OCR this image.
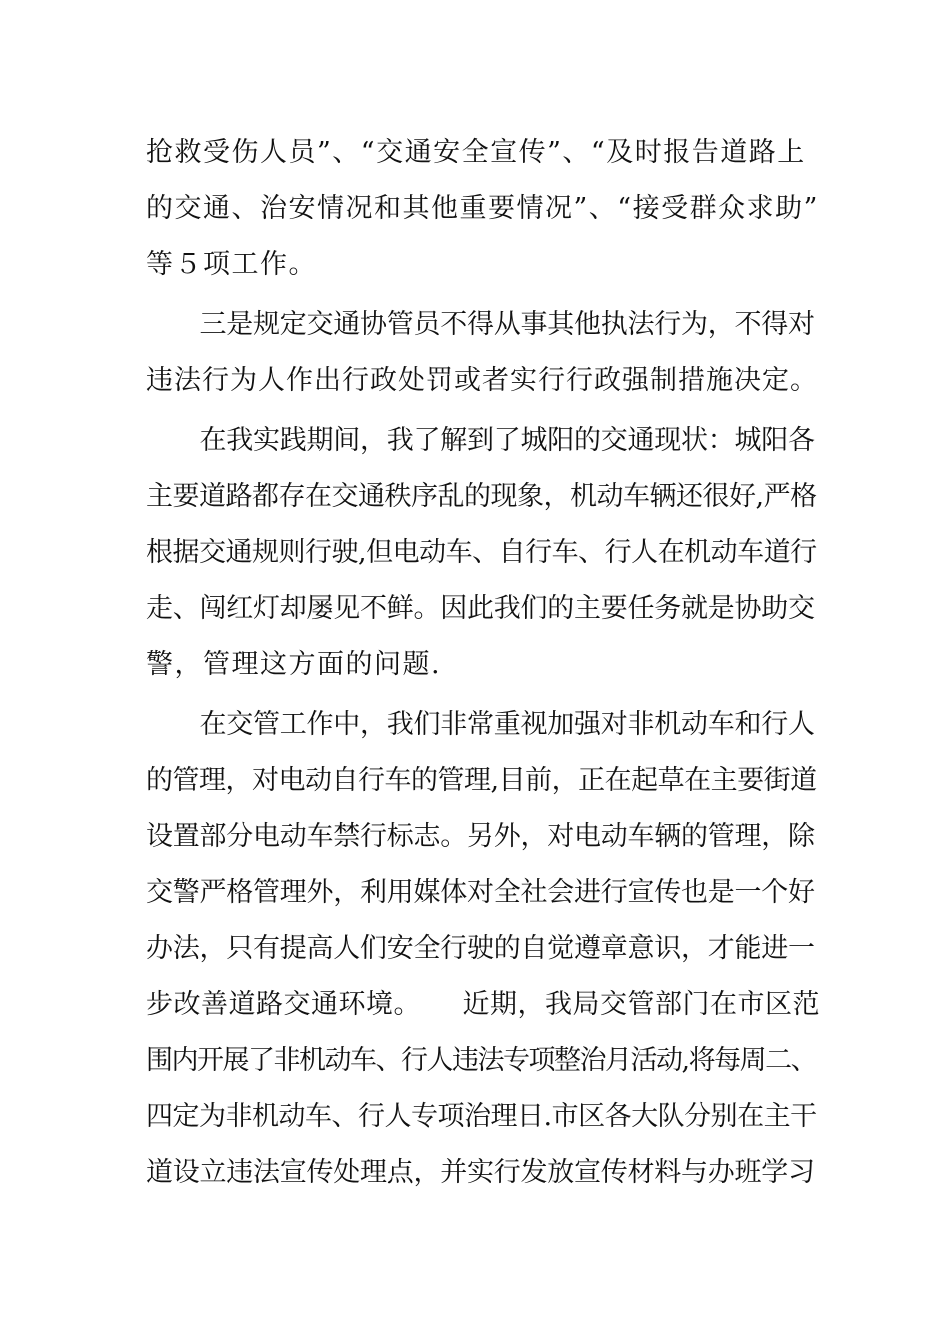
抢救受伤人员”、“交通安全宣传”、“及时报告道路上
的交通、治安情况和其他重要情况”、“接受群众求助”
等５项工作。
　　三是规定交通协管员不得从事其他执法行为，不得对
违法行为人作出行政处罚或者实行行政强制措施决定。
　　在我实践期间，我了解到了城阳的交通现状：城阳各
主要道路都存在交通秩序乱的现象，机动车辆还很好,严格
根据交通规则行驶,但电动车、自行车、行人在机动车道行
走、闯红灯却屡见不鲜。因此我们的主要任务就是协助交
警，管理这方面的问题.
　　在交管工作中，我们非常重视加强对非机动车和行人
的管理，对电动自行车的管理,目前，正在起草在主要街道
设置部分电动车禁行标志。另外，对电动车辆的管理，除
交警严格管理外，利用媒体对全社会进行宣传也是一个好
办法，只有提高人们安全行驶的自觉遵章意识，才能进一
步改善道路交通环境。　　近期，我局交管部门在市区范
围内开展了非机动车、行人违法专项整治月活动,将每周二、
四定为非机动车、行人专项治理日.市区各大队分别在主干
道设立违法宣传处理点，并实行发放宣传材料与办班学习
